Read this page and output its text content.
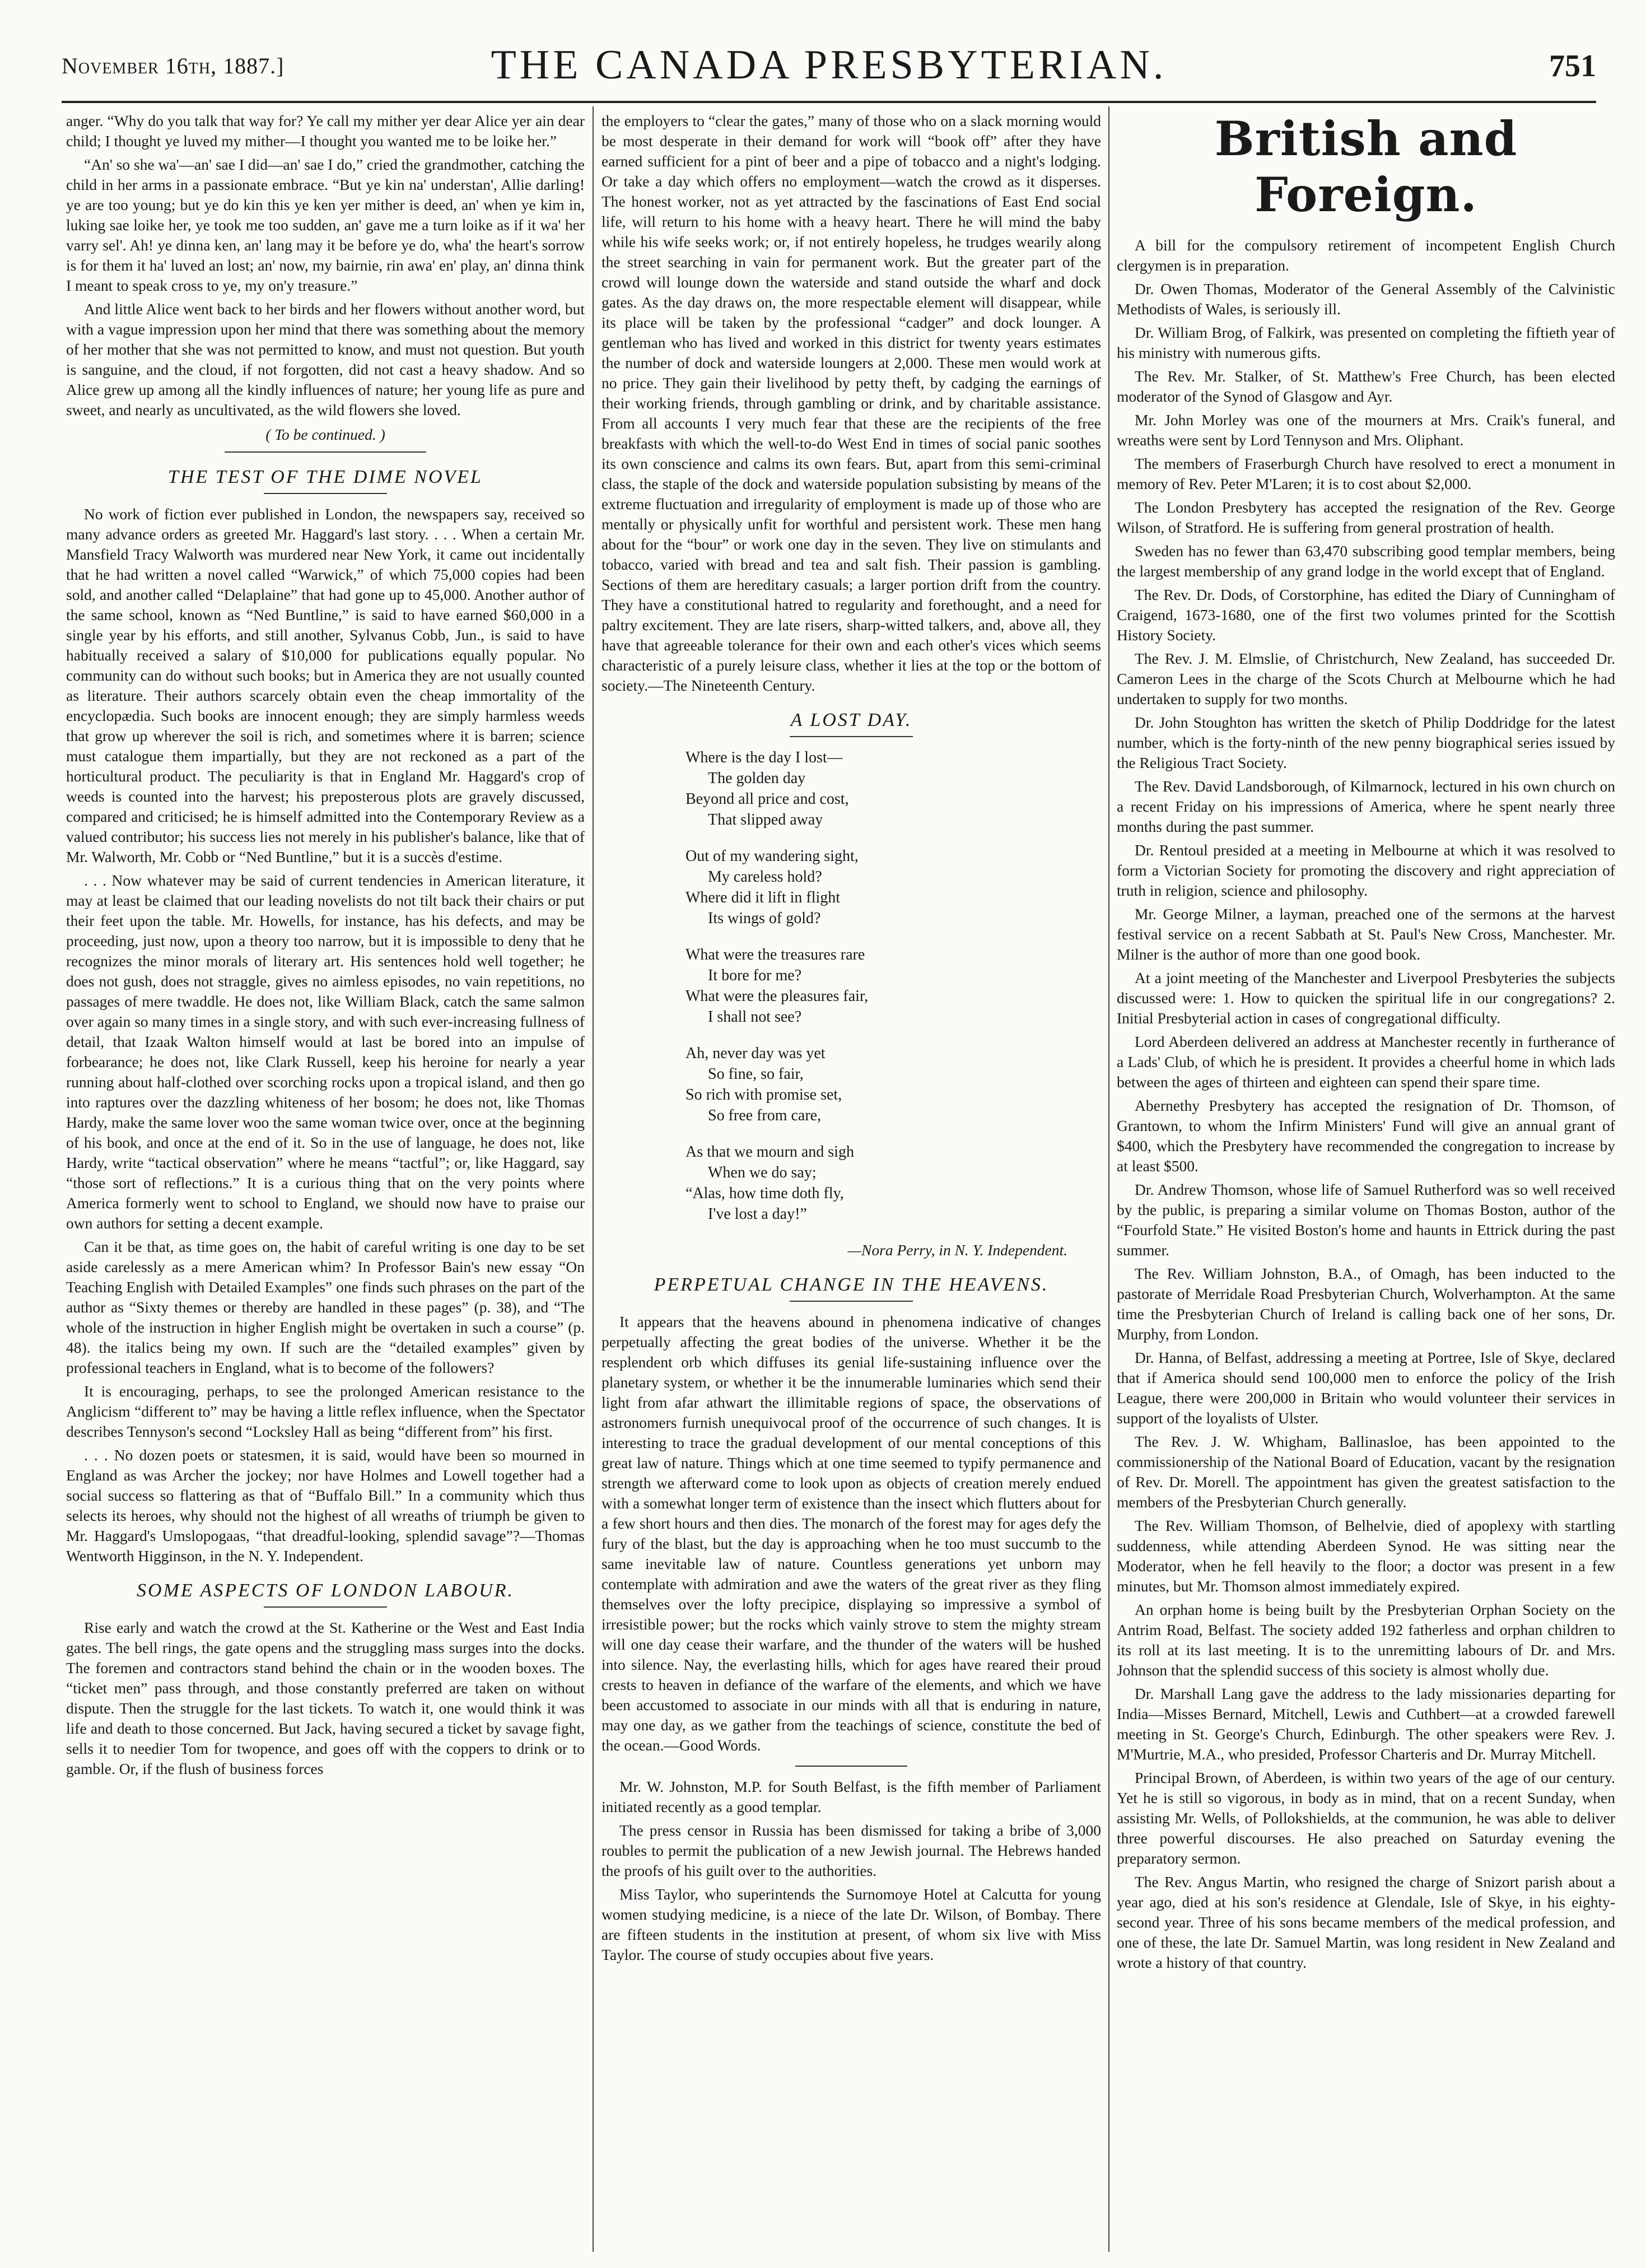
November 16th, 1887.]	THE CANADA PRESBYTERIAN.	751

anger. “Why do you talk that way for? Ye call my mither yer dear Alice yer ain dear child; I thought ye luved my mither—I thought you wanted me to be loike her.”

“An' so she wa'—an' sae I did—an' sae I do,” cried the grandmother, catching the child in her arms in a passionate embrace. “But ye kin na' understan', Allie darling! ye are too young; but ye do kin this ye ken yer mither is deed, an' when ye kim in, luking sae loike her, ye took me too sudden, an' gave me a turn loike as if it wa' her varry sel'. Ah! ye dinna ken, an' lang may it be before ye do, wha' the heart's sorrow is for them it ha' luved an lost; an' now, my bairnie, rin awa' en' play, an' dinna think I meant to speak cross to ye, my on'y treasure.”

And little Alice went back to her birds and her flowers without another word, but with a vague impression upon her mind that there was something about the memory of her mother that she was not permitted to know, and must not question. But youth is sanguine, and the cloud, if not forgotten, did not cast a heavy shadow. And so Alice grew up among all the kindly influences of nature; her young life as pure and sweet, and nearly as uncultivated, as the wild flowers she loved.

( To be continued. )
THE TEST OF THE DIME NOVEL

No work of fiction ever published in London, the newspapers say, received so many advance orders as greeted Mr. Haggard's last story. . . . When a certain Mr. Mansfield Tracy Walworth was murdered near New York, it came out incidentally that he had written a novel called “Warwick,” of which 75,000 copies had been sold, and another called “Delaplaine” that had gone up to 45,000. Another author of the same school, known as “Ned Buntline,” is said to have earned $60,000 in a single year by his efforts, and still another, Sylvanus Cobb, Jun., is said to have habitually received a salary of $10,000 for publications equally popular. No community can do without such books; but in America they are not usually counted as literature. Their authors scarcely obtain even the cheap immortality of the encyclopædia. Such books are innocent enough; they are simply harmless weeds that grow up wherever the soil is rich, and sometimes where it is barren; science must catalogue them impartially, but they are not reckoned as a part of the horticultural product. The peculiarity is that in England Mr. Haggard's crop of weeds is counted into the harvest; his preposterous plots are gravely discussed, compared and criticised; he is himself admitted into the Contemporary Review as a valued contributor; his success lies not merely in his publisher's balance, like that of Mr. Walworth, Mr. Cobb or “Ned Buntline,” but it is a succès d'estime.

. . . Now whatever may be said of current tendencies in American literature, it may at least be claimed that our leading novelists do not tilt back their chairs or put their feet upon the table. Mr. Howells, for instance, has his defects, and may be proceeding, just now, upon a theory too narrow, but it is impossible to deny that he recognizes the minor morals of literary art. His sentences hold well together; he does not gush, does not straggle, gives no aimless episodes, no vain repetitions, no passages of mere twaddle. He does not, like William Black, catch the same salmon over again so many times in a single story, and with such ever-increasing fullness of detail, that Izaak Walton himself would at last be bored into an impulse of forbearance; he does not, like Clark Russell, keep his heroine for nearly a year running about half-clothed over scorching rocks upon a tropical island, and then go into raptures over the dazzling whiteness of her bosom; he does not, like Thomas Hardy, make the same lover woo the same woman twice over, once at the beginning of his book, and once at the end of it. So in the use of language, he does not, like Hardy, write “tactical observation” where he means “tactful”; or, like Haggard, say “those sort of reflections.” It is a curious thing that on the very points where America formerly went to school to England, we should now have to praise our own authors for setting a decent example.

Can it be that, as time goes on, the habit of careful writing is one day to be set aside carelessly as a mere American whim? In Professor Bain's new essay “On Teaching English with Detailed Examples” one finds such phrases on the part of the author as “Sixty themes or thereby are handled in these pages” (p. 38), and “The whole of the instruction in higher English might be overtaken in such a course” (p. 48). the italics being my own. If such are the “detailed examples” given by professional teachers in England, what is to become of the followers?

It is encouraging, perhaps, to see the prolonged American resistance to the Anglicism “different to” may be having a little reflex influence, when the Spectator describes Tennyson's second “Locksley Hall as being “different from” his first.

. . . No dozen poets or statesmen, it is said, would have been so mourned in England as was Archer the jockey; nor have Holmes and Lowell together had a social success so flattering as that of “Buffalo Bill.” In a community which thus selects its heroes, why should not the highest of all wreaths of triumph be given to Mr. Haggard's Umslopogaas, “that dreadful-looking, splendid savage”?—Thomas Wentworth Higginson, in the N. Y. Independent.

SOME ASPECTS OF LONDON LABOUR.

Rise early and watch the crowd at the St. Katherine or the West and East India gates. The bell rings, the gate opens and the struggling mass surges into the docks. The foremen and contractors stand behind the chain or in the wooden boxes. The “ticket men” pass through, and those constantly preferred are taken on without dispute. Then the struggle for the last tickets. To watch it, one would think it was life and death to those concerned. But Jack, having secured a ticket by savage fight, sells it to needier Tom for twopence, and goes off with the coppers to drink or to gamble. Or, if the flush of business forces

the employers to “clear the gates,” many of those who on a slack morning would be most desperate in their demand for work will “book off” after they have earned sufficient for a pint of beer and a pipe of tobacco and a night's lodging. Or take a day which offers no employment—watch the crowd as it disperses. The honest worker, not as yet attracted by the fascinations of East End social life, will return to his home with a heavy heart. There he will mind the baby while his wife seeks work; or, if not entirely hopeless, he trudges wearily along the street searching in vain for permanent work. But the greater part of the crowd will lounge down the waterside and stand outside the wharf and dock gates. As the day draws on, the more respectable element will disappear, while its place will be taken by the professional “cadger” and dock lounger. A gentleman who has lived and worked in this district for twenty years estimates the number of dock and waterside loungers at 2,000. These men would work at no price. They gain their livelihood by petty theft, by cadging the earnings of their working friends, through gambling or drink, and by charitable assistance. From all accounts I very much fear that these are the recipients of the free breakfasts with which the well-to-do West End in times of social panic soothes its own conscience and calms its own fears. But, apart from this semi-criminal class, the staple of the dock and waterside population subsisting by means of the extreme fluctuation and irregularity of employment is made up of those who are mentally or physically unfit for worthful and persistent work. These men hang about for the “bour” or work one day in the seven. They live on stimulants and tobacco, varied with bread and tea and salt fish. Their passion is gambling. Sections of them are hereditary casuals; a larger portion drift from the country. They have a constitutional hatred to regularity and forethought, and a need for paltry excitement. They are late risers, sharp-witted talkers, and, above all, they have that agreeable tolerance for their own and each other's vices which seems characteristic of a purely leisure class, whether it lies at the top or the bottom of society.—The Nineteenth Century.

A LOST DAY.
Where is the day I lost—
The golden day
Beyond all price and cost,
That slipped away
Out of my wandering sight,
My careless hold?
Where did it lift in flight
Its wings of gold?
What were the treasures rare
It bore for me?
What were the pleasures fair,
I shall not see?
Ah, never day was yet
So fine, so fair,
So rich with promise set,
So free from care,
As that we mourn and sigh
When we do say;
“Alas, how time doth fly,
I've lost a day!”
—Nora Perry, in N. Y. Independent.
PERPETUAL CHANGE IN THE HEAVENS.

It appears that the heavens abound in phenomena indicative of changes perpetually affecting the great bodies of the universe. Whether it be the resplendent orb which diffuses its genial life-sustaining influence over the planetary system, or whether it be the innumerable luminaries which send their light from afar athwart the illimitable regions of space, the observations of astronomers furnish unequivocal proof of the occurrence of such changes. It is interesting to trace the gradual development of our mental conceptions of this great law of nature. Things which at one time seemed to typify permanence and strength we afterward come to look upon as objects of creation merely endued with a somewhat longer term of existence than the insect which flutters about for a few short hours and then dies. The monarch of the forest may for ages defy the fury of the blast, but the day is approaching when he too must succumb to the same inevitable law of nature. Countless generations yet unborn may contemplate with admiration and awe the waters of the great river as they fling themselves over the lofty precipice, displaying so impressive a symbol of irresistible power; but the rocks which vainly strove to stem the mighty stream will one day cease their warfare, and the thunder of the waters will be hushed into silence. Nay, the everlasting hills, which for ages have reared their proud crests to heaven in defiance of the warfare of the elements, and which we have been accustomed to associate in our minds with all that is enduring in nature, may one day, as we gather from the teachings of science, constitute the bed of the ocean.—Good Words.

Mr. W. Johnston, M.P. for South Belfast, is the fifth member of Parliament initiated recently as a good templar.

The press censor in Russia has been dismissed for taking a bribe of 3,000 roubles to permit the publication of a new Jewish journal. The Hebrews handed the proofs of his guilt over to the authorities.

Miss Taylor, who superintends the Surnomoye Hotel at Calcutta for young women studying medicine, is a niece of the late Dr. Wilson, of Bombay. There are fifteen students in the institution at present, of whom six live with Miss Taylor. The course of study occupies about five years.

British and Foreign.

A bill for the compulsory retirement of incompetent English Church clergymen is in preparation.

Dr. Owen Thomas, Moderator of the General Assembly of the Calvinistic Methodists of Wales, is seriously ill.

Dr. William Brog, of Falkirk, was presented on completing the fiftieth year of his ministry with numerous gifts.

The Rev. Mr. Stalker, of St. Matthew's Free Church, has been elected moderator of the Synod of Glasgow and Ayr.

Mr. John Morley was one of the mourners at Mrs. Craik's funeral, and wreaths were sent by Lord Tennyson and Mrs. Oliphant.

The members of Fraserburgh Church have resolved to erect a monument in memory of Rev. Peter M'Laren; it is to cost about $2,000.

The London Presbytery has accepted the resignation of the Rev. George Wilson, of Stratford. He is suffering from general prostration of health.

Sweden has no fewer than 63,470 subscribing good templar members, being the largest membership of any grand lodge in the world except that of England.

The Rev. Dr. Dods, of Corstorphine, has edited the Diary of Cunningham of Craigend, 1673-1680, one of the first two volumes printed for the Scottish History Society.

The Rev. J. M. Elmslie, of Christchurch, New Zealand, has succeeded Dr. Cameron Lees in the charge of the Scots Church at Melbourne which he had undertaken to supply for two months.

Dr. John Stoughton has written the sketch of Philip Doddridge for the latest number, which is the forty-ninth of the new penny biographical series issued by the Religious Tract Society.

The Rev. David Landsborough, of Kilmarnock, lectured in his own church on a recent Friday on his impressions of America, where he spent nearly three months during the past summer.

Dr. Rentoul presided at a meeting in Melbourne at which it was resolved to form a Victorian Society for promoting the discovery and right appreciation of truth in religion, science and philosophy.

Mr. George Milner, a layman, preached one of the sermons at the harvest festival service on a recent Sabbath at St. Paul's New Cross, Manchester. Mr. Milner is the author of more than one good book.

At a joint meeting of the Manchester and Liverpool Presbyteries the subjects discussed were: 1. How to quicken the spiritual life in our congregations? 2. Initial Presbyterial action in cases of congregational difficulty.

Lord Aberdeen delivered an address at Manchester recently in furtherance of a Lads' Club, of which he is president. It provides a cheerful home in which lads between the ages of thirteen and eighteen can spend their spare time.

Abernethy Presbytery has accepted the resignation of Dr. Thomson, of Grantown, to whom the Infirm Ministers' Fund will give an annual grant of $400, which the Presbytery have recommended the congregation to increase by at least $500.

Dr. Andrew Thomson, whose life of Samuel Rutherford was so well received by the public, is preparing a similar volume on Thomas Boston, author of the “Fourfold State.” He visited Boston's home and haunts in Ettrick during the past summer.

The Rev. William Johnston, B.A., of Omagh, has been inducted to the pastorate of Merridale Road Presbyterian Church, Wolverhampton. At the same time the Presbyterian Church of Ireland is calling back one of her sons, Dr. Murphy, from London.

Dr. Hanna, of Belfast, addressing a meeting at Portree, Isle of Skye, declared that if America should send 100,000 men to enforce the policy of the Irish League, there were 200,000 in Britain who would volunteer their services in support of the loyalists of Ulster.

The Rev. J. W. Whigham, Ballinasloe, has been appointed to the commissionership of the National Board of Education, vacant by the resignation of Rev. Dr. Morell. The appointment has given the greatest satisfaction to the members of the Presbyterian Church generally.

The Rev. William Thomson, of Belhelvie, died of apoplexy with startling suddenness, while attending Aberdeen Synod. He was sitting near the Moderator, when he fell heavily to the floor; a doctor was present in a few minutes, but Mr. Thomson almost immediately expired.

An orphan home is being built by the Presbyterian Orphan Society on the Antrim Road, Belfast. The society added 192 fatherless and orphan children to its roll at its last meeting. It is to the unremitting labours of Dr. and Mrs. Johnson that the splendid success of this society is almost wholly due.

Dr. Marshall Lang gave the address to the lady missionaries departing for India—Misses Bernard, Mitchell, Lewis and Cuthbert—at a crowded farewell meeting in St. George's Church, Edinburgh. The other speakers were Rev. J. M'Murtrie, M.A., who presided, Professor Charteris and Dr. Murray Mitchell.

Principal Brown, of Aberdeen, is within two years of the age of our century. Yet he is still so vigorous, in body as in mind, that on a recent Sunday, when assisting Mr. Wells, of Pollokshields, at the communion, he was able to deliver three powerful discourses. He also preached on Saturday evening the preparatory sermon.

The Rev. Angus Martin, who resigned the charge of Snizort parish about a year ago, died at his son's residence at Glendale, Isle of Skye, in his eighty-second year. Three of his sons became members of the medical profession, and one of these, the late Dr. Samuel Martin, was long resident in New Zealand and wrote a history of that country.
